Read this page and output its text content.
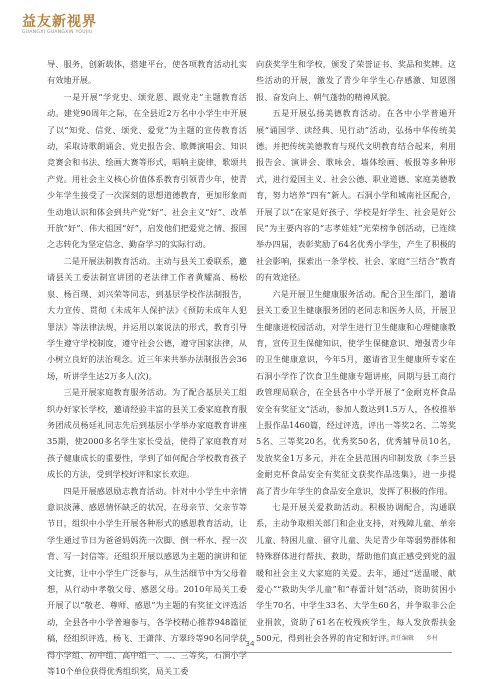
益友新视界
GUANGXI GUANGXIN YOUJIU

导、服务，创新载体，搭建平台，使各项教育活动扎实有效地开展。

一是开展“学党史、颂党恩、跟党走”主题教育活动。建党90周年之际，在全县近2万名中小学生中开展了以“知党、信党、颂党、爱党”为主题的宣传教育活动，采取诗歌朗诵会、党史报告会、歌舞演唱会、知识竞赛会和书法、绘画大赛等形式，唱响主旋律，歌颂共产党。用社会主义核心价值体系教育引领青少年，使青少年学生接受了一次深刻的思想道德教育，更加形象而生动地认识和体会到共产党“好”、社会主义“好”、改革开放“好”、伟大祖国“好”，启发他们把爱党之情、报国之志转化为坚定信念、勤奋学习的实际行动。

二是开展法制教育活动。主动与县关工委联系，邀请县关工委法制宣讲团的老法律工作者黄耀高、杨松泉、杨百璞、刘兴荣等同志，到基层学校作法制报告，大力宣传、贯彻《未成年人保护法》《预防未成年人犯罪法》等法律法规，并运用以案说法的形式，教育引导学生遵守学校制度，遵守社会公德，遵守国家法律，从小树立良好的法治观念。近三年来共举办法制报告会36场，听讲学生达2万多人(次)。

三是开展家庭教育服务活动。为了配合基层关工组织办好家长学校，邀请经验丰富的县关工委家庭教育服务团成员杨廷礼同志先后到基层小学举办家庭教育讲座35期，使2000多名学生家长受益，使得了家庭教育对孩子健康成长的重要性，学到了如何配合学校教育孩子成长的方法，受到学校好评和家长欢迎。

四是开展感恩励志教育活动。针对中小学生中亲情意识淡薄、感恩情怀缺乏的状况，在母亲节、父亲节等节日，组织中小学生开展各种形式的感恩教育活动，让学生通过节日为爸爸妈妈洗一次脚、倒一杯水、捏一次背、写一封信等。还组织开展以感恩为主题的演讲和征文比赛，让中小学生广泛参与，从生活细节中为父母着想，从行动中孝敬父母、感恩父母。2010年局关工委开展了以“敬老、尊师、感恩”为主题的有奖征文评选活动，全县各中小学普遍参与，各学校精心推荐948篇征稿，经组织评选，杨飞、王潇萍、方翠玲等90名同学获得小学组、初中组、高中组一、二、三等奖，石洞小学等10个单位获得优秀组织奖，局关工委

向获奖学生和学校，颁发了荣誉证书、奖品和奖牌。这些活动的开展，激发了青少年学生心存感激、知恩图报、奋发向上、朝气蓬勃的精神风貌。

五是开展弘扬美德教育活动。在各中小学普遍开展“诵国学、读经典、见行动”活动，弘扬中华传统美德。并把传统美德教育与现代文明教育结合起来，利用报告会、演讲会、歌咏会、墙体绘画、板报等多种形式，进行爱国主义、社会公德、职业道德、家庭美德教育，努力培养“四有”新人。石洞小学和城南社区配合，开展了以“在家是好孩子、学校是好学生、社会是好公民”为主要内容的“志孝娃娃”光荣榜争创活动，已连续举办四届，表彰奖励了64名优秀小学生，产生了积极的社会影响，探索出一条学校、社会、家庭“三结合”教育的有效途径。

六是开展卫生健康服务活动。配合卫生部门，邀请县关工委卫生健康服务团的老同志和医务人员，开展卫生健康进校园活动，对学生进行卫生健康和心理健康教育，宣传卫生保健知识，使学生保健意识、增强青少年的卫生健康意识，今年5月，邀请省卫生健康所专家在石洞小学作了饮食卫生健康专题讲座，同期与县工商行政管理局联合，在全县各中小学开展了“金耐克杯食品安全有奖征文”活动，参加人数达到1.5万人，各校推举上报作品1460篇，经过评选，评出一等奖2名、二等奖5名、三等奖20名，优秀奖50名，优秀辅导员10名，发放奖金1万多元，并在全县范围内印制发放《李兰县金耐克杯食品安全有奖征文获奖作品选集》，进一步提高了青少年学生的食品安全意识，发挥了积极的作用。

七是开展关爱救助活动。积极协调配合，沟通联系，主动争取相关部门和企业支持，对残障儿童、单亲儿童、特困儿童、留守儿童、失足青少年等弱势群体和特殊群体进行帮扶、救助，帮助他们真正感受到党的温暖和社会主义大家庭的关爱。去年，通过“送温暖、献爱心”“救助失学儿童”和“春蕾计划”活动，资助贫困小学生70名、中学生33名、大学生60名，并争取非公企业捐款，资助了61名在校残疾学生，每人发放帮扶金500元，得到社会各界的肯定和好评。

责任编辑 乡村
34
